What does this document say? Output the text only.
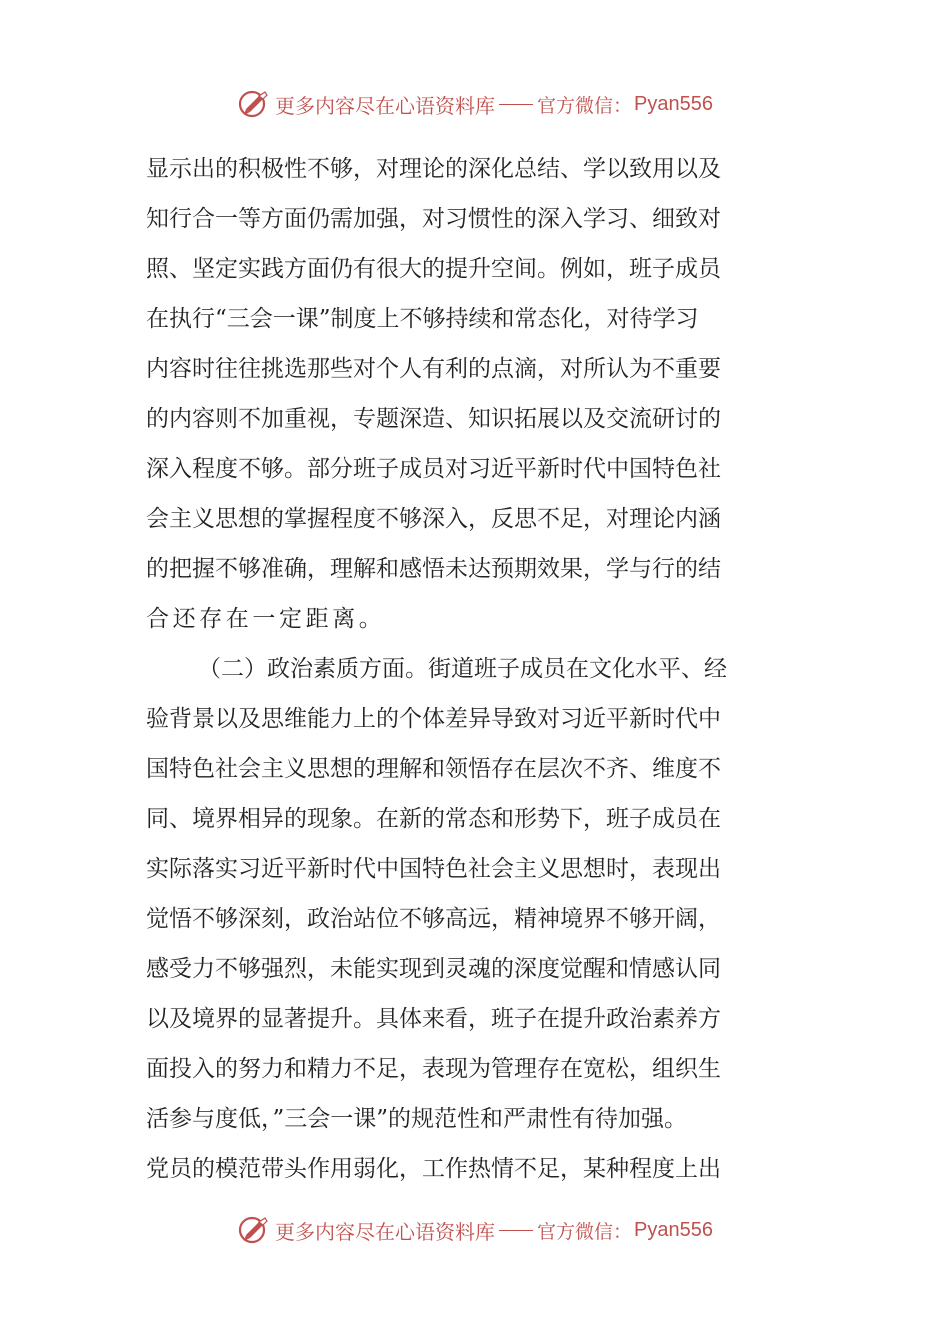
更多内容尽在心语资料库 官方微信： Pyan556
显示出的积极性不够，对理论的深化总结、学以致用以及
知行合一等方面仍需加强，对习惯性的深入学习、细致对
照、坚定实践方面仍有很大的提升空间。例如，班子成员
在执行“三会一课”制度上不够持续和常态化，对待学习
内容时往往挑选那些对个人有利的点滴，对所认为不重要
的内容则不加重视，专题深造、知识拓展以及交流研讨的
深入程度不够。部分班子成员对习近平新时代中国特色社
会主义思想的掌握程度不够深入，反思不足，对理论内涵
的把握不够准确，理解和感悟未达预期效果，学与行的结
合还存在一定距离。
（二）政治素质方面。街道班子成员在文化水平、经
验背景以及思维能力上的个体差异导致对习近平新时代中
国特色社会主义思想的理解和领悟存在层次不齐、维度不
同、境界相异的现象。在新的常态和形势下，班子成员在
实际落实习近平新时代中国特色社会主义思想时，表现出
觉悟不够深刻，政治站位不够高远，精神境界不够开阔，
感受力不够强烈，未能实现到灵魂的深度觉醒和情感认同
以及境界的显著提升。具体来看，班子在提升政治素养方
面投入的努力和精力不足，表现为管理存在宽松，组织生
活参与度低，”三会一课”的规范性和严肃性有待加强。
党员的模范带头作用弱化，工作热情不足，某种程度上出
更多内容尽在心语资料库 官方微信： Pyan556
